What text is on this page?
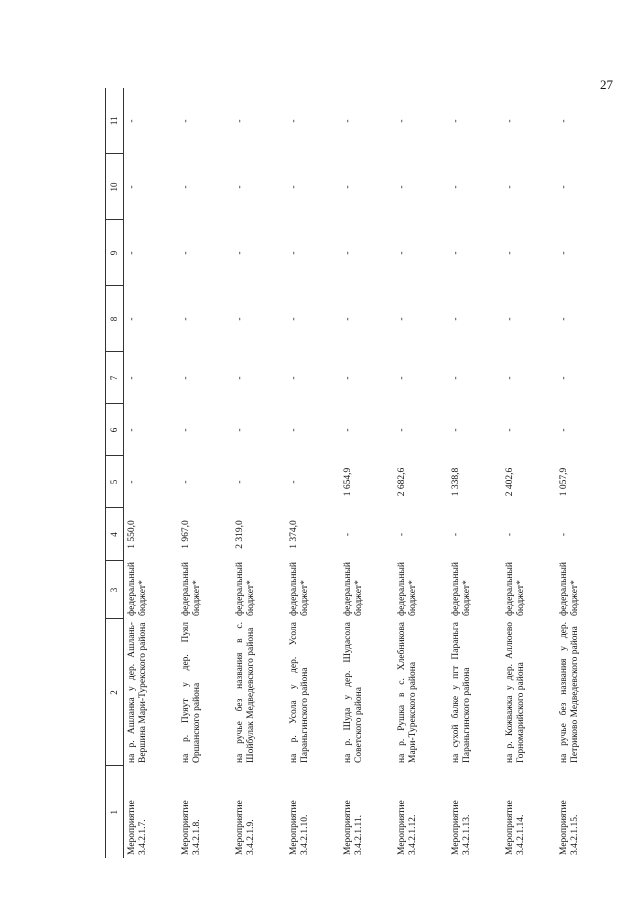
27
1	2	3	4	5	6	7	8	9	10	11
Мероприятие 3.4.2.1.7.	на р. Ашланка у дер. Ашлань-Вершина Мари-Турекского района	федеральный бюджет*	1 550,0	-	-	-	-	-	-	-
Мероприятие 3.4.2.1.8.	на р. Пуяут у дер. Пуял Оршанского района	федеральный бюджет*	1 967,0	-	-	-	-	-	-	-
Мероприятие 3.4.2.1.9.	на ручье без названия в с. Шойбулак Медведевского района	федеральный бюджет*	2 319,0	-	-	-	-	-	-	-
Мероприятие 3.4.2.1.10.	на р. Усола у дер. Усола Параньгинского района	федеральный бюджет*	1 374,0	-	-	-	-	-	-	-
Мероприятие 3.4.2.1.11.	на р. Шуда у дер. Шудасола Советского района	федеральный бюджет*	-	1 654,9	-	-	-	-	-	-
Мероприятие 3.4.2.1.12.	на р. Рушка в с. Хлебникова Мари-Турекского района	федеральный бюджет*	-	2 682,6	-	-	-	-	-	-
Мероприятие 3.4.2.1.13.	на сухой балке у пгт Параньга Параньгинского района	федеральный бюджет*	-	1 338,8	-	-	-	-	-	-
Мероприятие 3.4.2.1.14.	на р. Кожважка у дер. Аллюево Горномарийского района	федеральный бюджет*	-	2 402,6	-	-	-	-	-	-
Мероприятие 3.4.2.1.15.	на ручье без названия у дер. Петриково Медведевского района	федеральный бюджет*	-	1 057,9	-	-	-	-	-	-
